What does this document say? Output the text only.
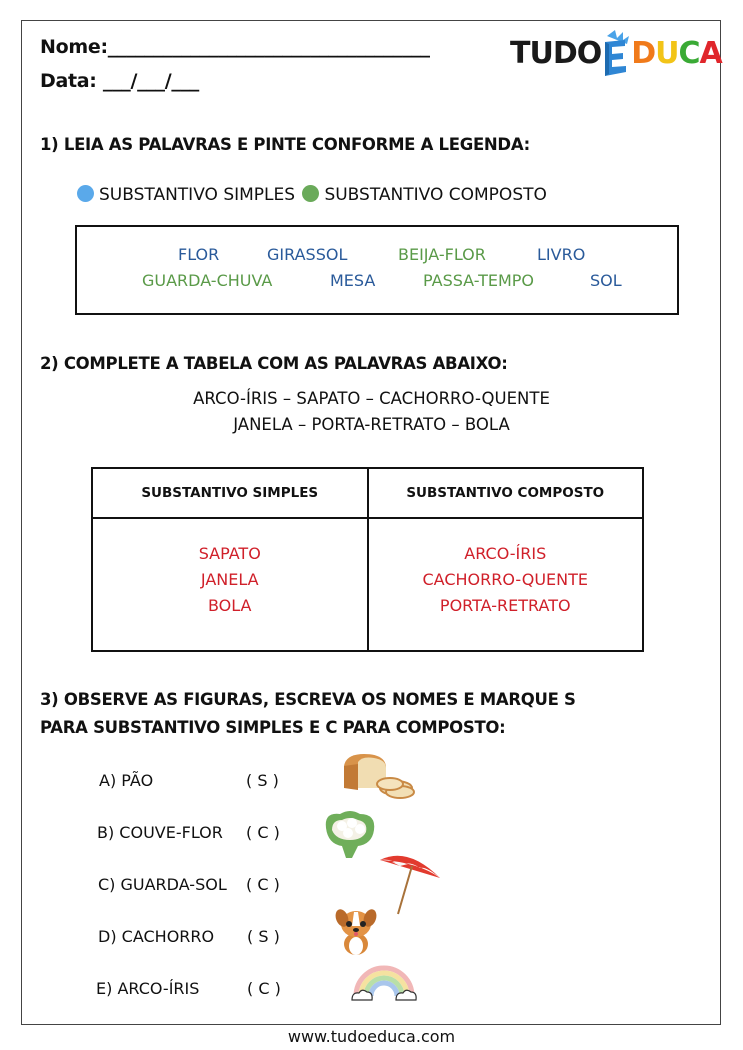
Nome:___________________________________
Data: ___/___/___
TUDO D U C A
1) LEIA AS PALAVRAS E PINTE CONFORME A LEGENDA:
SUBSTANTIVO SIMPLES SUBSTANTIVO COMPOSTO
FLOR	GIRASSOL	BEIJA-FLOR	LIVRO
GUARDA-CHUVA	MESA	PASSA-TEMPO	SOL
2) COMPLETE A TABELA COM AS PALAVRAS ABAIXO:
ARCO-ÍRIS – SAPATO – CACHORRO-QUENTE
JANELA – PORTA-RETRATO – BOLA
SUBSTANTIVO SIMPLES	SUBSTANTIVO COMPOSTO

SAPATO
JANELA
BOLA

ARCO-ÍRIS
CACHORRO-QUENTE
PORTA-RETRATO
3) OBSERVE AS FIGURAS, ESCREVA OS NOMES E MARQUE S
PARA SUBSTANTIVO SIMPLES E C PARA COMPOSTO:
A) PÃO	( S )
B) COUVE-FLOR ( C )
C) GUARDA-SOL ( C )
D) CACHORRO ( S )
E) ARCO-ÍRIS	( C )
www.tudoeduca.com
